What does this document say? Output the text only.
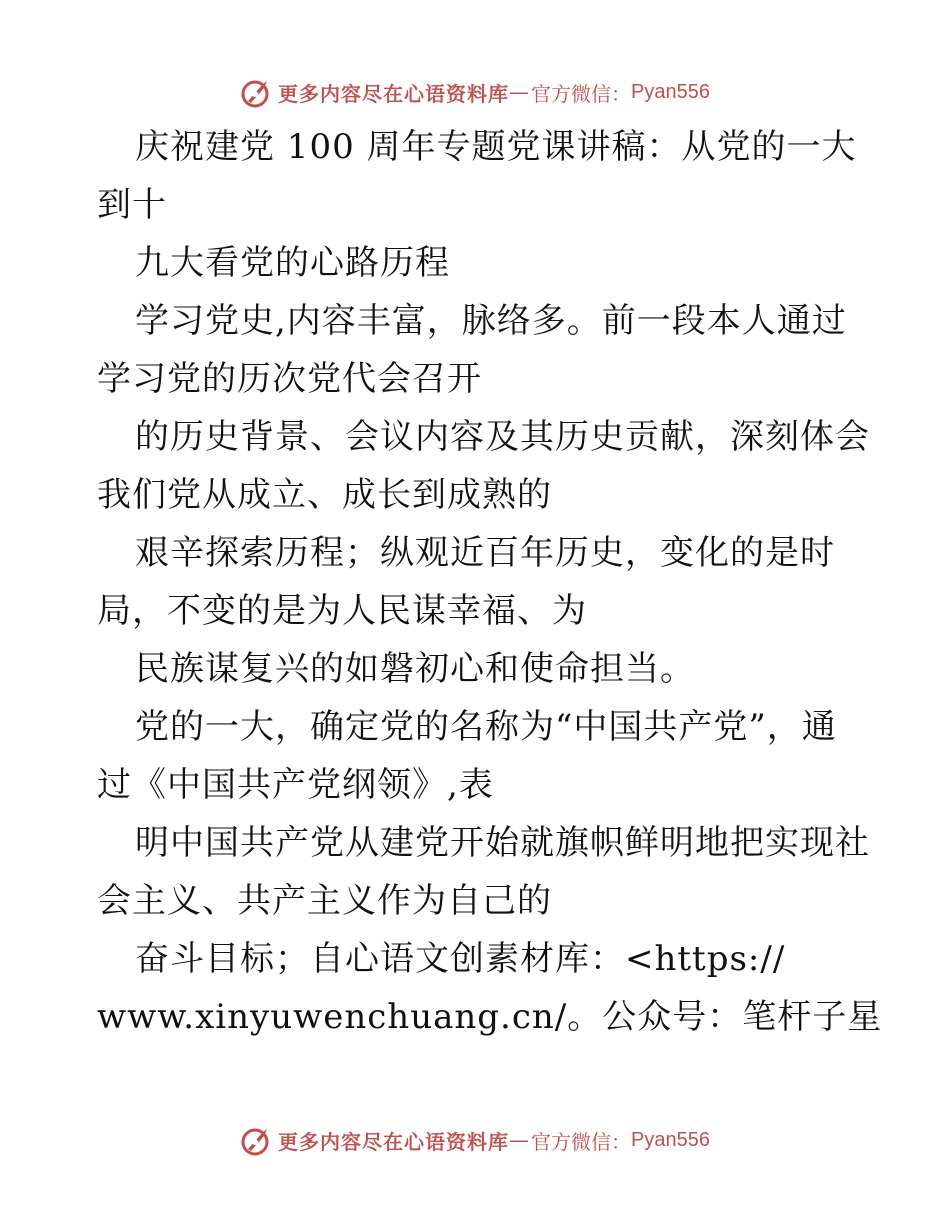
更多内容尽在心语资料库 — 官方微信： Pyan556
庆祝建党 100 周年专题党课讲稿：从党的一大
到十
九大看党的心路历程
学习党史,内容丰富，脉络多。前一段本人通过
学习党的历次党代会召开
的历史背景、会议内容及其历史贡献，深刻体会
我们党从成立、成长到成熟的
艰辛探索历程；纵观近百年历史，变化的是时
局，不变的是为人民谋幸福、为
民族谋复兴的如磐初心和使命担当。
党的一大，确定党的名称为“中国共产党”，通
过《中国共产党纲领》,表
明中国共产党从建党开始就旗帜鲜明地把实现社
会主义、共产主义作为自己的
奋斗目标；自心语文创素材库：<https://
www.xinyuwenchuang.cn/。公众号：笔杆子星
更多内容尽在心语资料库 — 官方微信： Pyan556
